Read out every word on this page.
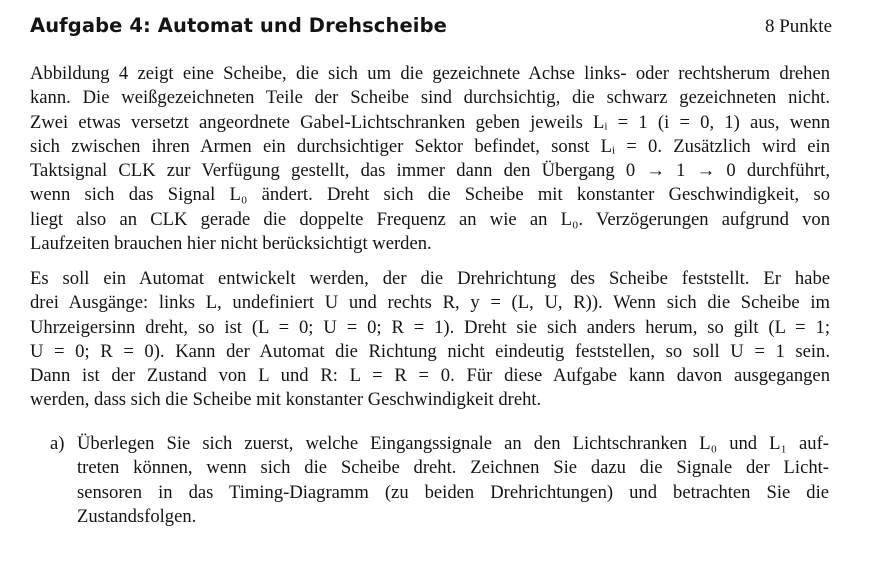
Aufgabe 4: Automat und Drehscheibe	8 Punkte
Abbildung 4 zeigt eine Scheibe, die sich um die gezeichnete Achse links- oder rechtsherum drehen
kann. Die weißgezeichneten Teile der Scheibe sind durchsichtig, die schwarz gezeichneten nicht.
Zwei etwas versetzt angeordnete Gabel-Lichtschranken geben jeweils Lᵢ = 1 (i = 0, 1) aus, wenn
sich zwischen ihren Armen ein durchsichtiger Sektor befindet, sonst Lᵢ = 0. Zusätzlich wird ein
Taktsignal CLK zur Verfügung gestellt, das immer dann den Übergang 0 → 1 → 0 durchführt,
wenn sich das Signal L₀ ändert. Dreht sich die Scheibe mit konstanter Geschwindigkeit, so
liegt also an CLK gerade die doppelte Frequenz an wie an L₀. Verzögerungen aufgrund von
Laufzeiten brauchen hier nicht berücksichtigt werden.
Es soll ein Automat entwickelt werden, der die Drehrichtung des Scheibe feststellt. Er habe
drei Ausgänge: links L, undefiniert U und rechts R, y = (L, U, R)). Wenn sich die Scheibe im
Uhrzeigersinn dreht, so ist (L = 0; U = 0; R = 1). Dreht sie sich anders herum, so gilt (L = 1;
U = 0; R = 0). Kann der Automat die Richtung nicht eindeutig feststellen, so soll U = 1 sein.
Dann ist der Zustand von L und R: L = R = 0. Für diese Aufgabe kann davon ausgegangen
werden, dass sich die Scheibe mit konstanter Geschwindigkeit dreht.
a) Überlegen Sie sich zuerst, welche Eingangssignale an den Lichtschranken L₀ und L₁ auf-
treten können, wenn sich die Scheibe dreht. Zeichnen Sie dazu die Signale der Licht-
sensoren in das Timing-Diagramm (zu beiden Drehrichtungen) und betrachten Sie die
Zustandsfolgen.
